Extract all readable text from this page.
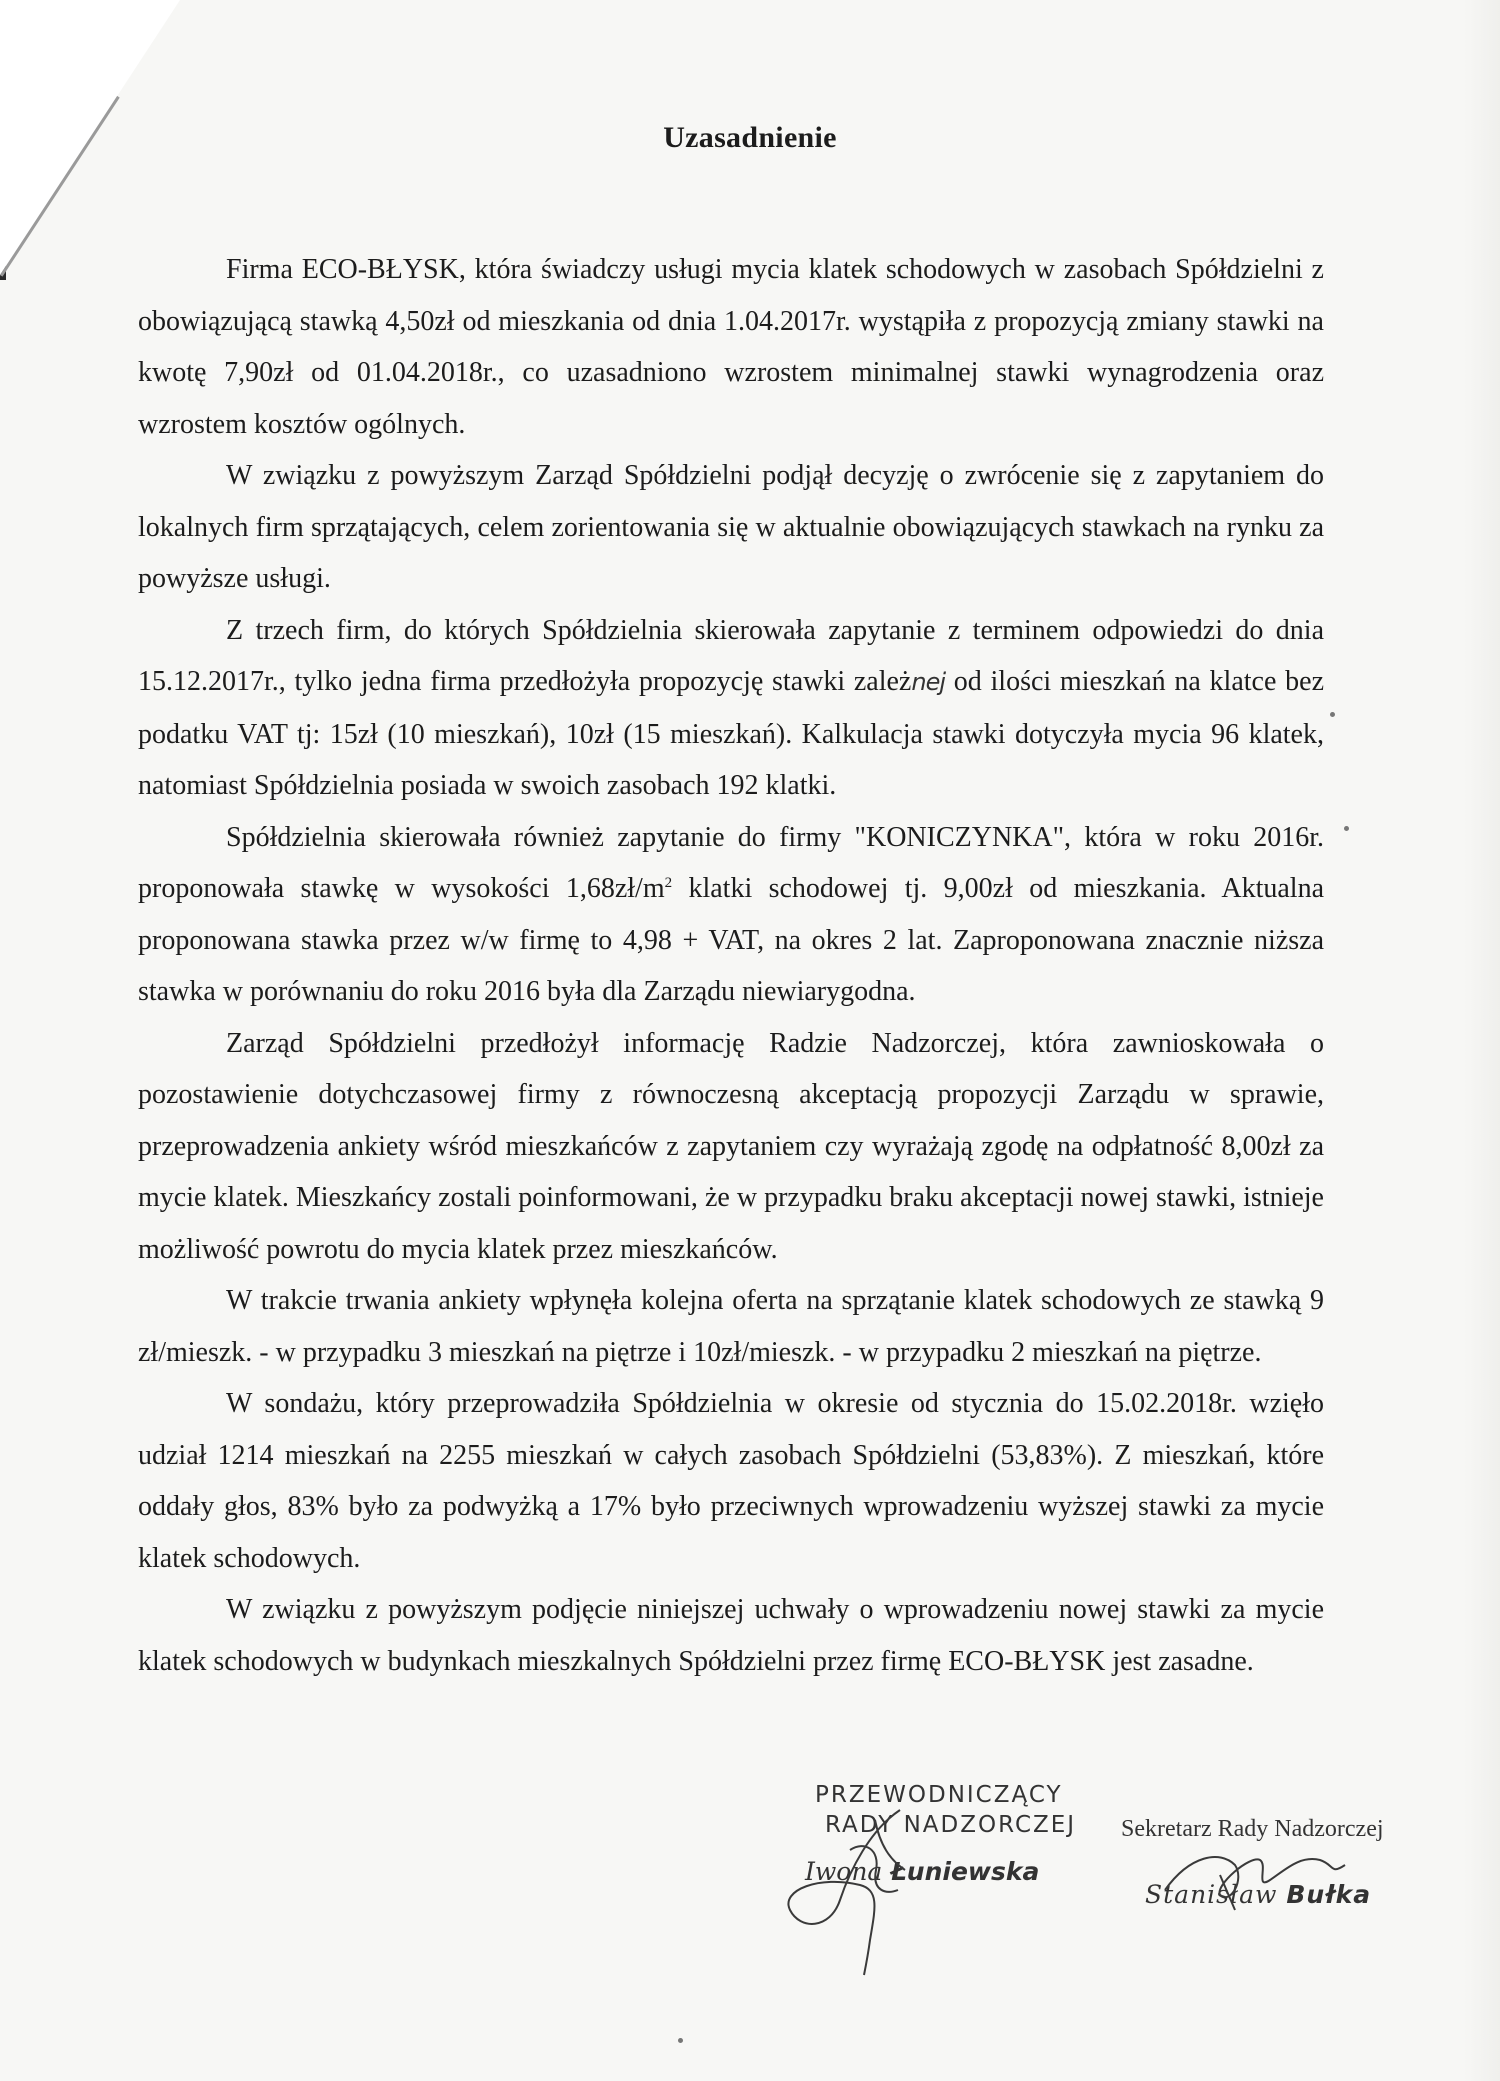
Uzasadnienie

Firma ECO-BŁYSK, która świadczy usługi mycia klatek schodowych w zasobach Spółdzielni z obowiązującą stawką 4,50zł od mieszkania od dnia 1.04.2017r. wystąpiła z propozycją zmiany stawki na kwotę 7,90zł od 01.04.2018r., co uzasadniono wzrostem minimalnej stawki wynagrodzenia oraz wzrostem kosztów ogólnych.

W związku z powyższym Zarząd Spółdzielni podjął decyzję o zwrócenie się z zapytaniem do lokalnych firm sprzątających, celem zorientowania się w aktualnie obowiązujących stawkach na rynku za powyższe usługi.

Z trzech firm, do których Spółdzielnia skierowała zapytanie z terminem odpowiedzi do dnia 15.12.2017r., tylko jedna firma przedłożyła propozycję stawki zależnej od ilości mieszkań na klatce bez podatku VAT tj: 15zł (10 mieszkań), 10zł (15 mieszkań). Kalkulacja stawki dotyczyła mycia 96 klatek, natomiast Spółdzielnia posiada w swoich zasobach 192 klatki.

Spółdzielnia skierowała również zapytanie do firmy "KONICZYNKA", która w roku 2016r. proponowała stawkę w wysokości $1,68zł/m^2$ klatki schodowej tj. 9,00zł od mieszkania. Aktualna proponowana stawka przez w/w firmę to 4,98 + VAT, na okres 2 lat. Zaproponowana znacznie niższa stawka w porównaniu do roku 2016 była dla Zarządu niewiarygodna.

Zarząd Spółdzielni przedłożył informację Radzie Nadzorczej, która zawnioskowała o pozostawienie dotychczasowej firmy z równoczesną akceptacją propozycji Zarządu w sprawie, przeprowadzenia ankiety wśród mieszkańców z zapytaniem czy wyrażają zgodę na odpłatność 8,00zł za mycie klatek. Mieszkańcy zostali poinformowani, że w przypadku braku akceptacji nowej stawki, istnieje możliwość powrotu do mycia klatek przez mieszkańców.

W trakcie trwania ankiety wpłynęła kolejna oferta na sprzątanie klatek schodowych ze stawką 9 zł/mieszk. - w przypadku 3 mieszkań na piętrze i 10zł/mieszk. - w przypadku 2 mieszkań na piętrze.

W sondażu, który przeprowadziła Spółdzielnia w okresie od stycznia do 15.02.2018r. wzięło udział 1214 mieszkań na 2255 mieszkań w całych zasobach Spółdzielni (53,83%). Z mieszkań, które oddały głos, 83% było za podwyżką a 17% było przeciwnych wprowadzeniu wyższej stawki za mycie klatek schodowych.

W związku z powyższym podjęcie niniejszej uchwały o wprowadzeniu nowej stawki za mycie klatek schodowych w budynkach mieszkalnych Spółdzielni przez firmę ECO-BŁYSK jest zasadne.

PRZEWODNICZĄCY
RADY NADZORCZEJ
Iwona Łuniewska
Sekretarz Rady Nadzorczej
Stanisław Bułka
